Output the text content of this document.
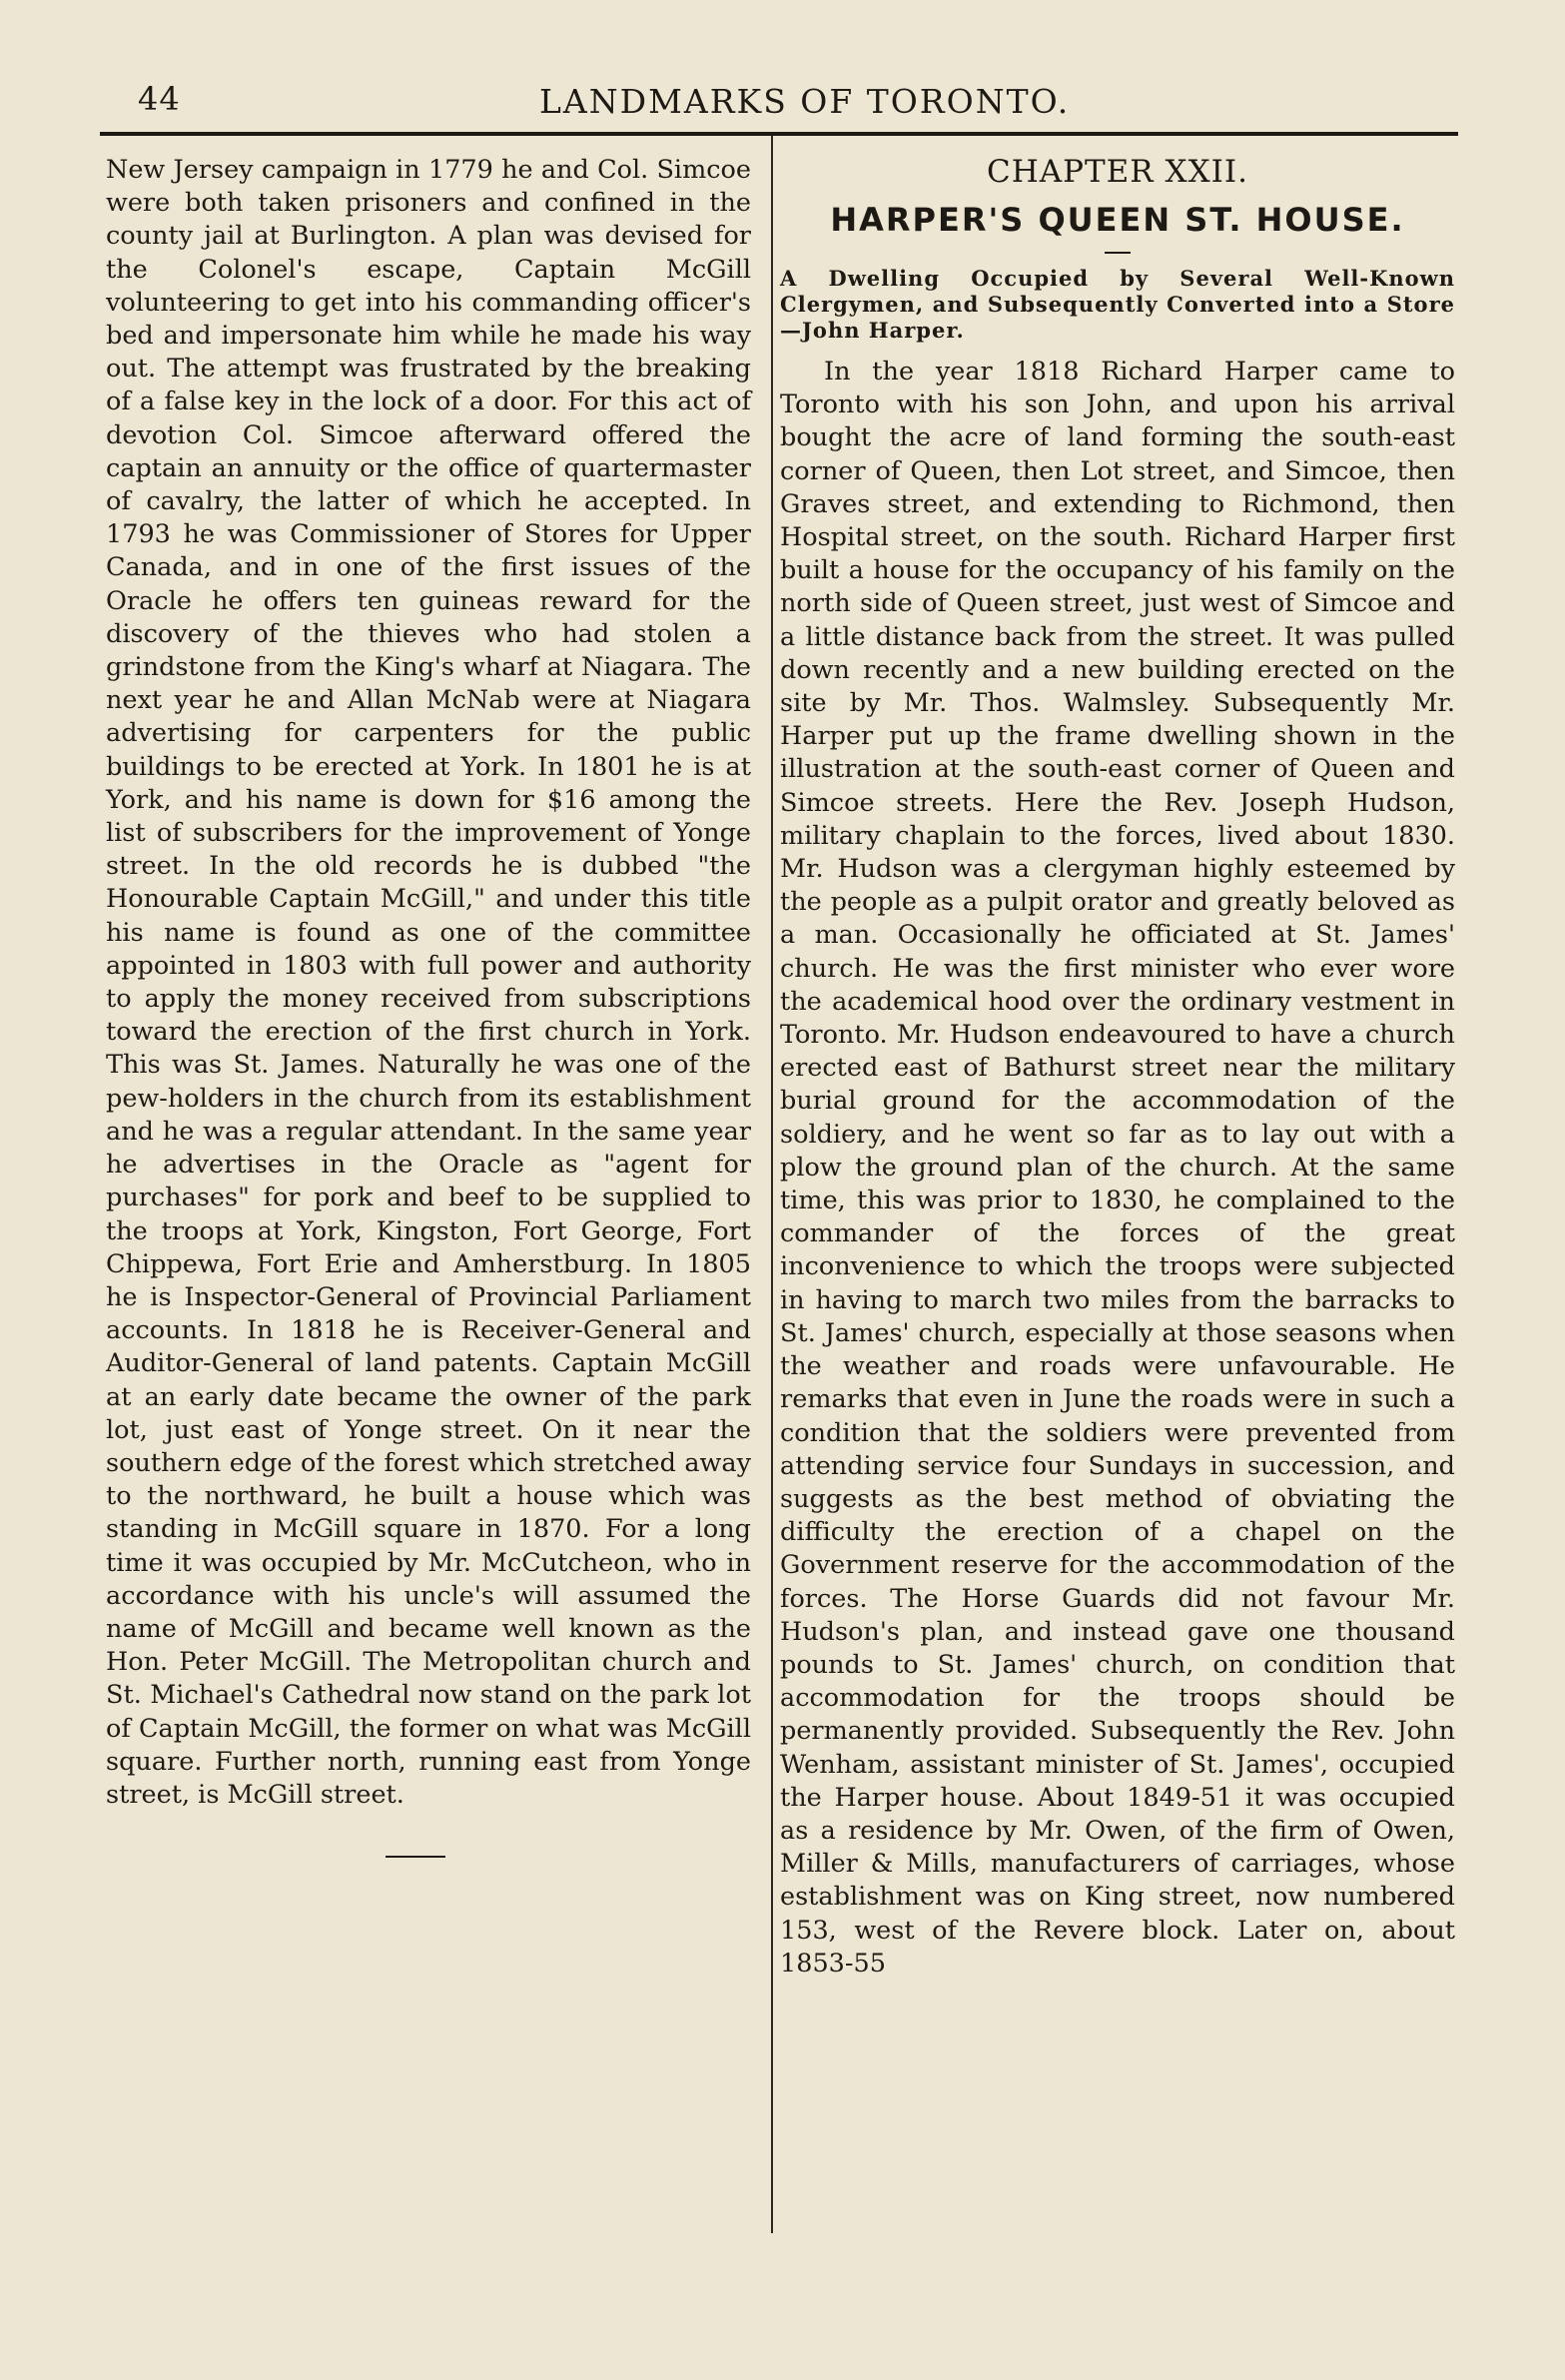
44	LANDMARKS OF TORONTO.

New Jersey campaign in 1779 he and Col. Simcoe were both taken prisoners and confined in the county jail at Burlington. A plan was devised for the Colonel's escape, Captain McGill volunteering to get into his commanding officer's bed and impersonate him while he made his way out. The attempt was frustrated by the breaking of a false key in the lock of a door. For this act of devotion Col. Simcoe afterward offered the captain an annuity or the office of quartermaster of cavalry, the latter of which he accepted. In 1793 he was Commissioner of Stores for Upper Canada, and in one of the first issues of the Oracle he offers ten guineas reward for the discovery of the thieves who had stolen a grindstone from the King's wharf at Niagara. The next year he and Allan McNab were at Niagara advertising for carpenters for the public buildings to be erected at York. In 1801 he is at York, and his name is down for $16 among the list of subscribers for the improvement of Yonge street. In the old records he is dubbed "the Honourable Captain McGill," and under this title his name is found as one of the committee appointed in 1803 with full power and authority to apply the money received from subscriptions toward the erection of the first church in York. This was St. James. Naturally he was one of the pew-holders in the church from its establishment and he was a regular attendant. In the same year he advertises in the Oracle as "agent for purchases" for pork and beef to be supplied to the troops at York, Kingston, Fort George, Fort Chippewa, Fort Erie and Amherstburg. In 1805 he is Inspector-General of Provincial Parliament accounts. In 1818 he is Receiver-General and Auditor-General of land patents. Captain McGill at an early date became the owner of the park lot, just east of Yonge street. On it near the southern edge of the forest which stretched away to the northward, he built a house which was standing in McGill square in 1870. For a long time it was occupied by Mr. McCutcheon, who in accordance with his uncle's will assumed the name of McGill and became well known as the Hon. Peter McGill. The Metropolitan church and St. Michael's Cathedral now stand on the park lot of Captain McGill, the former on what was McGill square. Further north, running east from Yonge street, is McGill street.

CHAPTER XXII.
HARPER'S QUEEN ST. HOUSE.
A Dwelling Occupied by Several Well-Known Clergymen, and Subsequently Converted into a Store—John Harper.

In the year 1818 Richard Harper came to Toronto with his son John, and upon his arrival bought the acre of land forming the south-east corner of Queen, then Lot street, and Simcoe, then Graves street, and extending to Richmond, then Hospital street, on the south. Richard Harper first built a house for the occupancy of his family on the north side of Queen street, just west of Simcoe and a little distance back from the street. It was pulled down recently and a new building erected on the site by Mr. Thos. Walmsley. Subsequently Mr. Harper put up the frame dwelling shown in the illustration at the south-east corner of Queen and Simcoe streets. Here the Rev. Joseph Hudson, military chaplain to the forces, lived about 1830. Mr. Hudson was a clergyman highly esteemed by the people as a pulpit orator and greatly beloved as a man. Occasionally he officiated at St. James' church. He was the first minister who ever wore the academical hood over the ordinary vestment in Toronto. Mr. Hudson endeavoured to have a church erected east of Bathurst street near the military burial ground for the accommodation of the soldiery, and he went so far as to lay out with a plow the ground plan of the church. At the same time, this was prior to 1830, he complained to the commander of the forces of the great inconvenience to which the troops were subjected in having to march two miles from the barracks to St. James' church, especially at those seasons when the weather and roads were unfavourable. He remarks that even in June the roads were in such a condition that the soldiers were prevented from attending service four Sundays in succession, and suggests as the best method of obviating the difficulty the erection of a chapel on the Government reserve for the accommodation of the forces. The Horse Guards did not favour Mr. Hudson's plan, and instead gave one thousand pounds to St. James' church, on condition that accommodation for the troops should be permanently provided. Subsequently the Rev. John Wenham, assistant minister of St. James', occupied the Harper house. About 1849-51 it was occupied as a residence by Mr. Owen, of the firm of Owen, Miller & Mills, manufacturers of carriages, whose establishment was on King street, now numbered 153, west of the Revere block. Later on, about 1853-55
